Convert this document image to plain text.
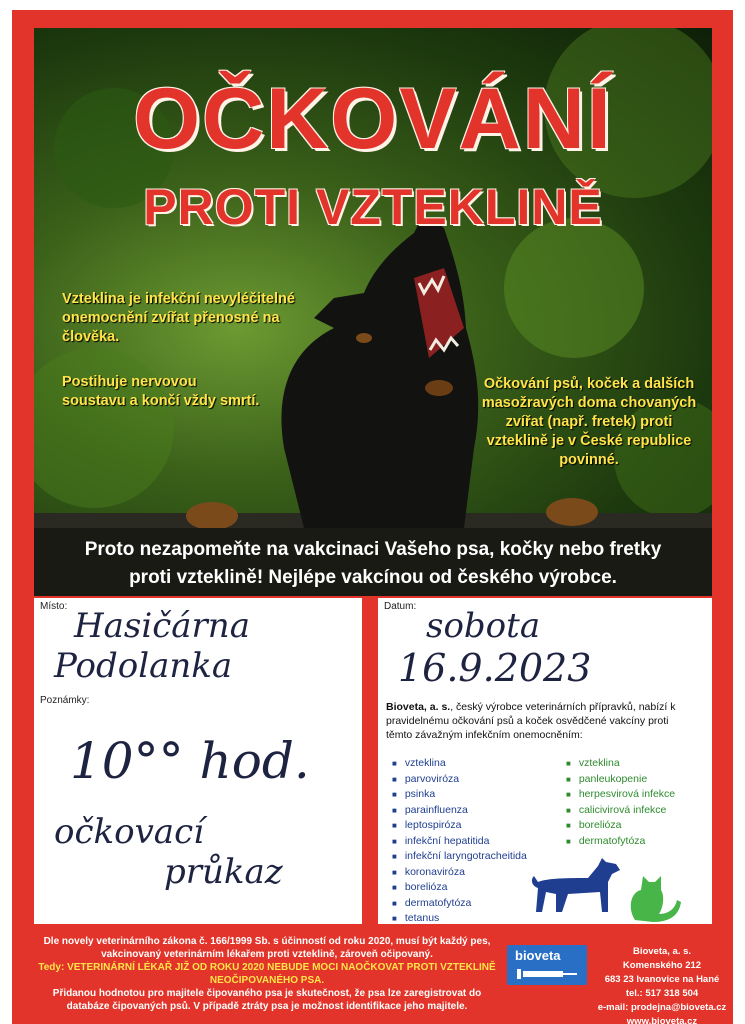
OČKOVÁNÍ
PROTI VZTEKLINĚ
Vzteklina je infekční nevyléčitelné onemocnění zvířat přenosné na člověka.
Postihuje nervovou soustavu a končí vždy smrtí.
Očkování psů, koček a dalších masožravých doma chovaných zvířat (např. fretek) proti vzteklině je v České republice povinné.
Proto nezapomeňte na vakcinaci Vašeho psa, kočky nebo fretky
proti vzteklině! Nejlépe vakcínou od českého výrobce.
Místo: Hasičárna
Podolanka
Datum: sobota
16.9.2023
Poznámky:
10°° hod.
očkovací
průkaz
Bioveta, a. s., český výrobce veterinárních přípravků, nabízí k pravidelnému očkování psů a koček osvědčené vakcíny proti těmto závažným infekčním onemocněním:
■ vzteklina
■ parvoviróza
■ psinka
■ parainfluenza
■ leptospiróza
■ infekční hepatitida
■ infekční laryngotracheitida
■ koronaviróza
■ borelióza
■ dermatofytóza
■ tetanus
■ vzteklina
■ panleukopenie
■ herpesvirová infekce
■ calicivirová infekce
■ borelióza
■ dermatofytóza
Dle novely veterinárního zákona č. 166/1999 Sb. s účinností od roku 2020, musí být každý pes, vakcinovaný veterinárním lékařem proti vzteklině, zároveň očipovaný.
Tedy: VETERINÁRNÍ LÉKAŘ JIŽ OD ROKU 2020 NEBUDE MOCI NAOČKOVAT PROTI VZTEKLINĚ NEOČIPOVANÉHO PSA.
Přidanou hodnotou pro majitele čipovaného psa je skutečnost, že psa lze zaregistrovat do databáze čipovaných psů. V případě ztráty psa je možnost identifikace jeho majitele.
bioveta	Bioveta, a. s.
Komenského 212
683 23 Ivanovice na Hané
tel.: 517 318 504
e-mail: prodejna@bioveta.cz
www.bioveta.cz
